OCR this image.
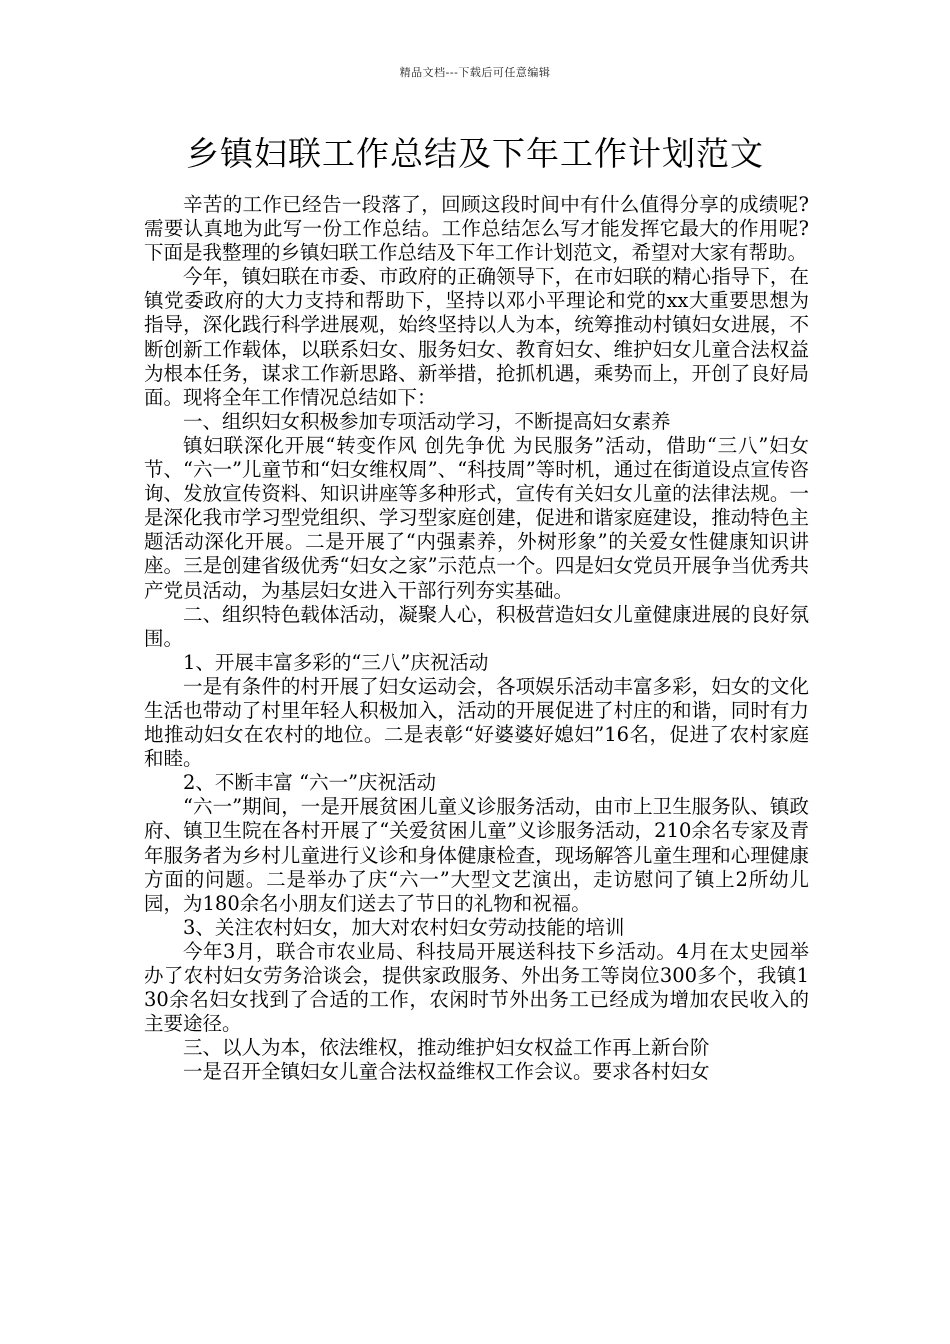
精品文档---下载后可任意编辑
乡镇妇联工作总结及下年工作计划范文

辛苦的工作已经告一段落了，回顾这段时间中有什么值得分享的成绩呢?需要认真地为此写一份工作总结。工作总结怎么写才能发挥它最大的作用呢?下面是我整理的乡镇妇联工作总结及下年工作计划范文，希望对大家有帮助。

今年，镇妇联在市委、市政府的正确领导下，在市妇联的精心指导下，在镇党委政府的大力支持和帮助下，坚持以邓小平理论和党的xx大重要思想为指导，深化践行科学进展观，始终坚持以人为本，统筹推动村镇妇女进展，不断创新工作载体，以联系妇女、服务妇女、教育妇女、维护妇女儿童合法权益为根本任务，谋求工作新思路、新举措，抢抓机遇，乘势而上，开创了良好局面。现将全年工作情况总结如下：

一、组织妇女积极参加专项活动学习，不断提高妇女素养

镇妇联深化开展“转变作风 创先争优 为民服务”活动，借助“三八”妇女节、“六一”儿童节和“妇女维权周”、“科技周”等时机，通过在街道设点宣传咨询、发放宣传资料、知识讲座等多种形式，宣传有关妇女儿童的法律法规。一是深化我市学习型党组织、学习型家庭创建，促进和谐家庭建设，推动特色主题活动深化开展。二是开展了“内强素养，外树形象”的关爱女性健康知识讲座。三是创建省级优秀“妇女之家”示范点一个。四是妇女党员开展争当优秀共产党员活动，为基层妇女进入干部行列夯实基础。

二、组织特色载体活动，凝聚人心，积极营造妇女儿童健康进展的良好氛围。

1、开展丰富多彩的“三八”庆祝活动

一是有条件的村开展了妇女运动会，各项娱乐活动丰富多彩，妇女的文化生活也带动了村里年轻人积极加入，活动的开展促进了村庄的和谐，同时有力地推动妇女在农村的地位。二是表彰“好婆婆好媳妇”16名，促进了农村家庭和睦。

2、不断丰富 “六一”庆祝活动

“六一”期间，一是开展贫困儿童义诊服务活动，由市上卫生服务队、镇政府、镇卫生院在各村开展了“关爱贫困儿童”义诊服务活动，210余名专家及青年服务者为乡村儿童进行义诊和身体健康检查，现场解答儿童生理和心理健康方面的问题。二是举办了庆“六一”大型文艺演出，走访慰问了镇上2所幼儿园，为180余名小朋友们送去了节日的礼物和祝福。

3、关注农村妇女，加大对农村妇女劳动技能的培训

今年3月，联合市农业局、科技局开展送科技下乡活动。4月在太史园举办了农村妇女劳务洽谈会，提供家政服务、外出务工等岗位300多个，我镇130余名妇女找到了合适的工作，农闲时节外出务工已经成为增加农民收入的主要途径。

三、以人为本，依法维权，推动维护妇女权益工作再上新台阶

一是召开全镇妇女儿童合法权益维权工作会议。要求各村妇女
